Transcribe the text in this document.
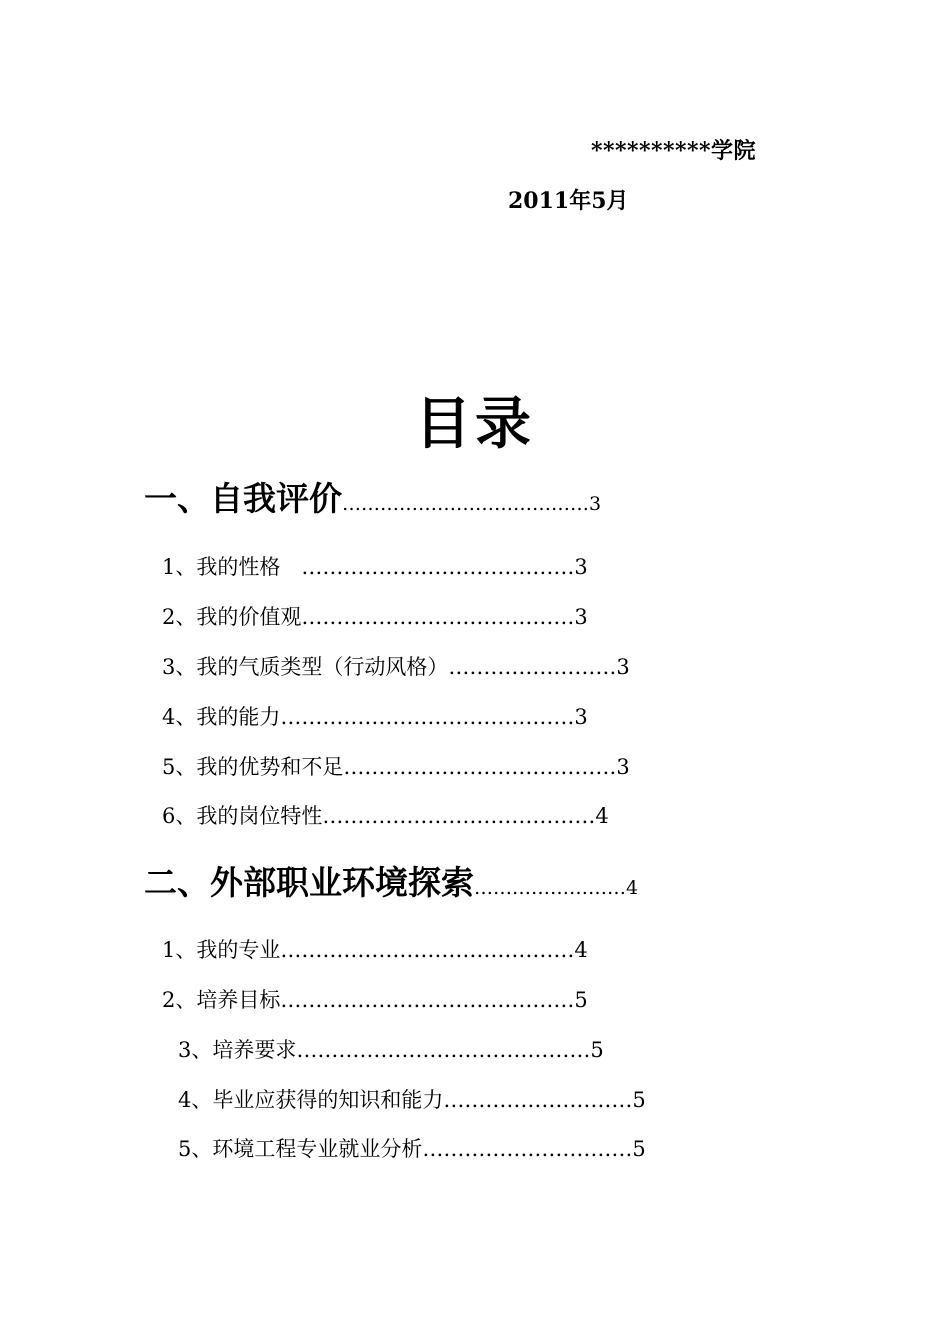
**********学院
2011年5月
目录
一、自我评价…………………………………3
1、我的性格　…………………………………3
2、我的价值观…………………………………3
3、我的气质类型（行动风格）……………………3
4、我的能力……………………………………3
5、我的优势和不足…………………………………3
6、我的岗位特性…………………………………4
二、外部职业环境探索……………………4
1、我的专业……………………………………4
2、培养目标……………………………………5
3、培养要求……………………………………5
4、毕业应获得的知识和能力………………………5
5、环境工程专业就业分析…………………………5
